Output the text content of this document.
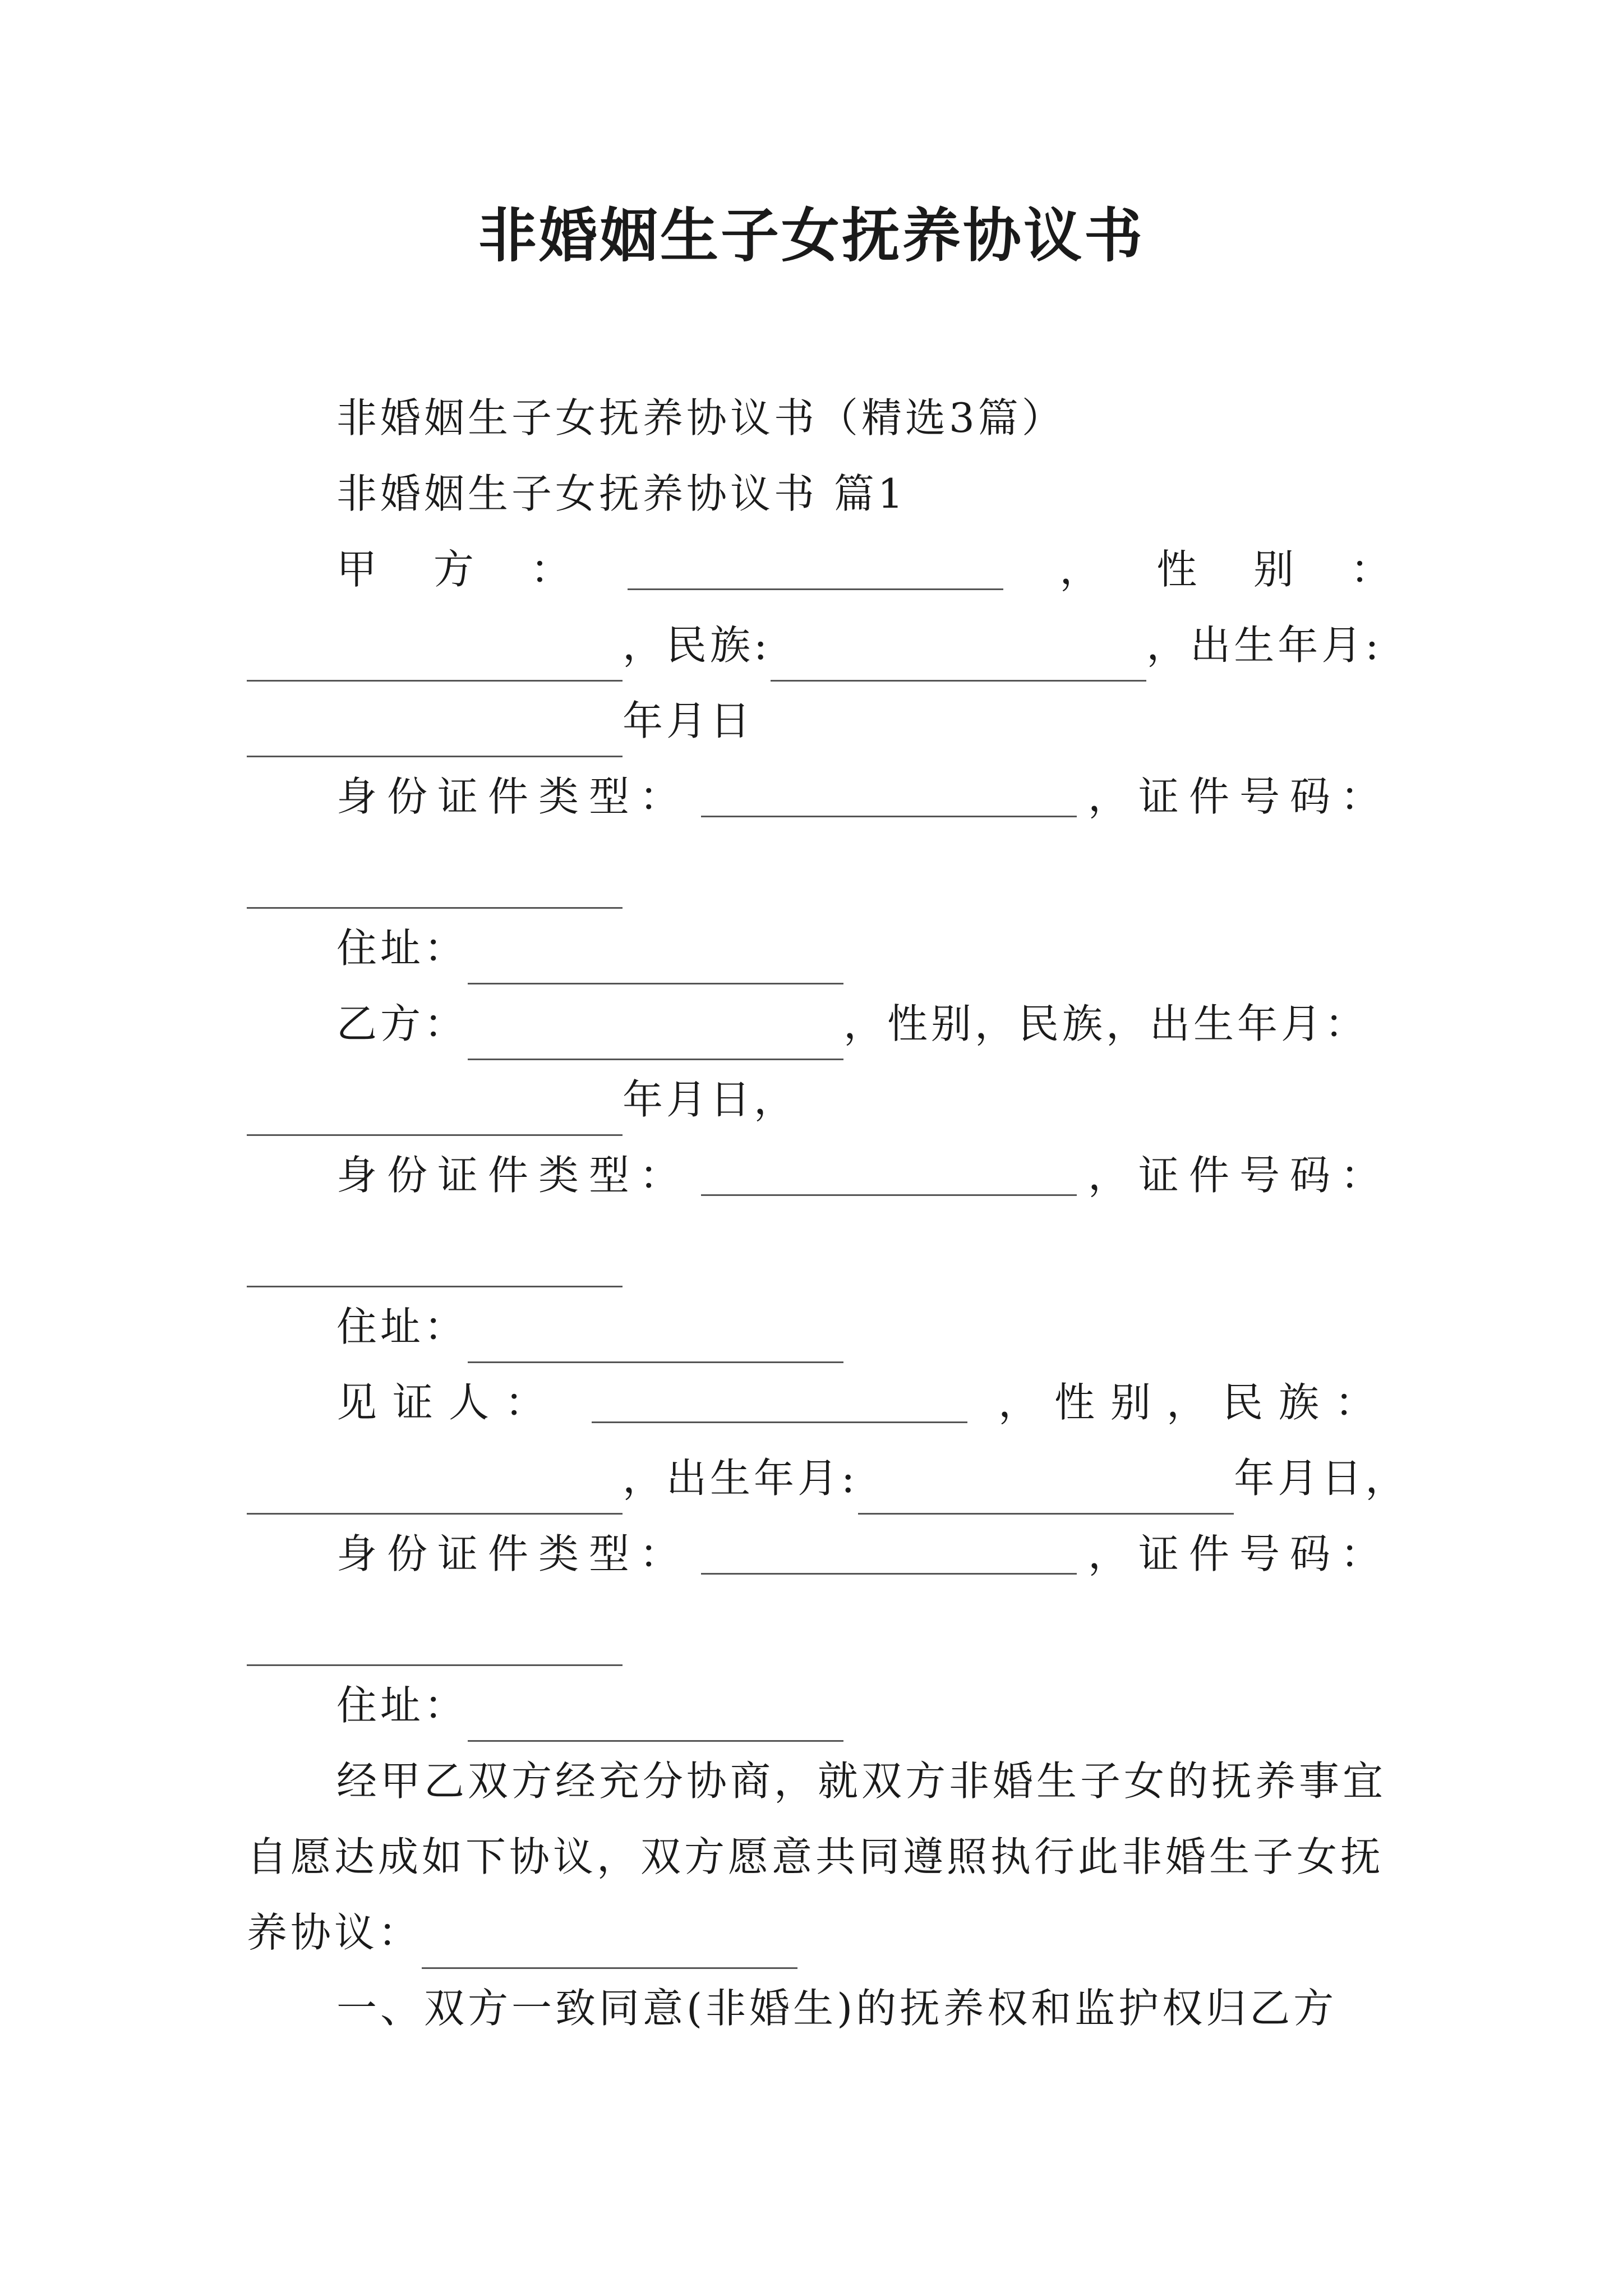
非婚姻生子女抚养协议书
非婚姻生子女抚养协议书（精选3篇）
非婚姻生子女抚养协议书 篇1
甲 方 ：	， 性 别 ：
，民族:	，出生年月:
年月日
身份证件类型：	，证件号码：
住址：
乙方：	，性别，民族，出生年月：
年月日，
身份证件类型：	，证件号码：
住址：
见证人：	，性别，民族：
，出生年月:	年月日，
身份证件类型：	，证件号码：
住址：
经甲乙双方经充分协商，就双方非婚生子女的抚养事宜
自愿达成如下协议，双方愿意共同遵照执行此非婚生子女抚
养协议：
一、双方一致同意(非婚生)的抚养权和监护权归乙方
